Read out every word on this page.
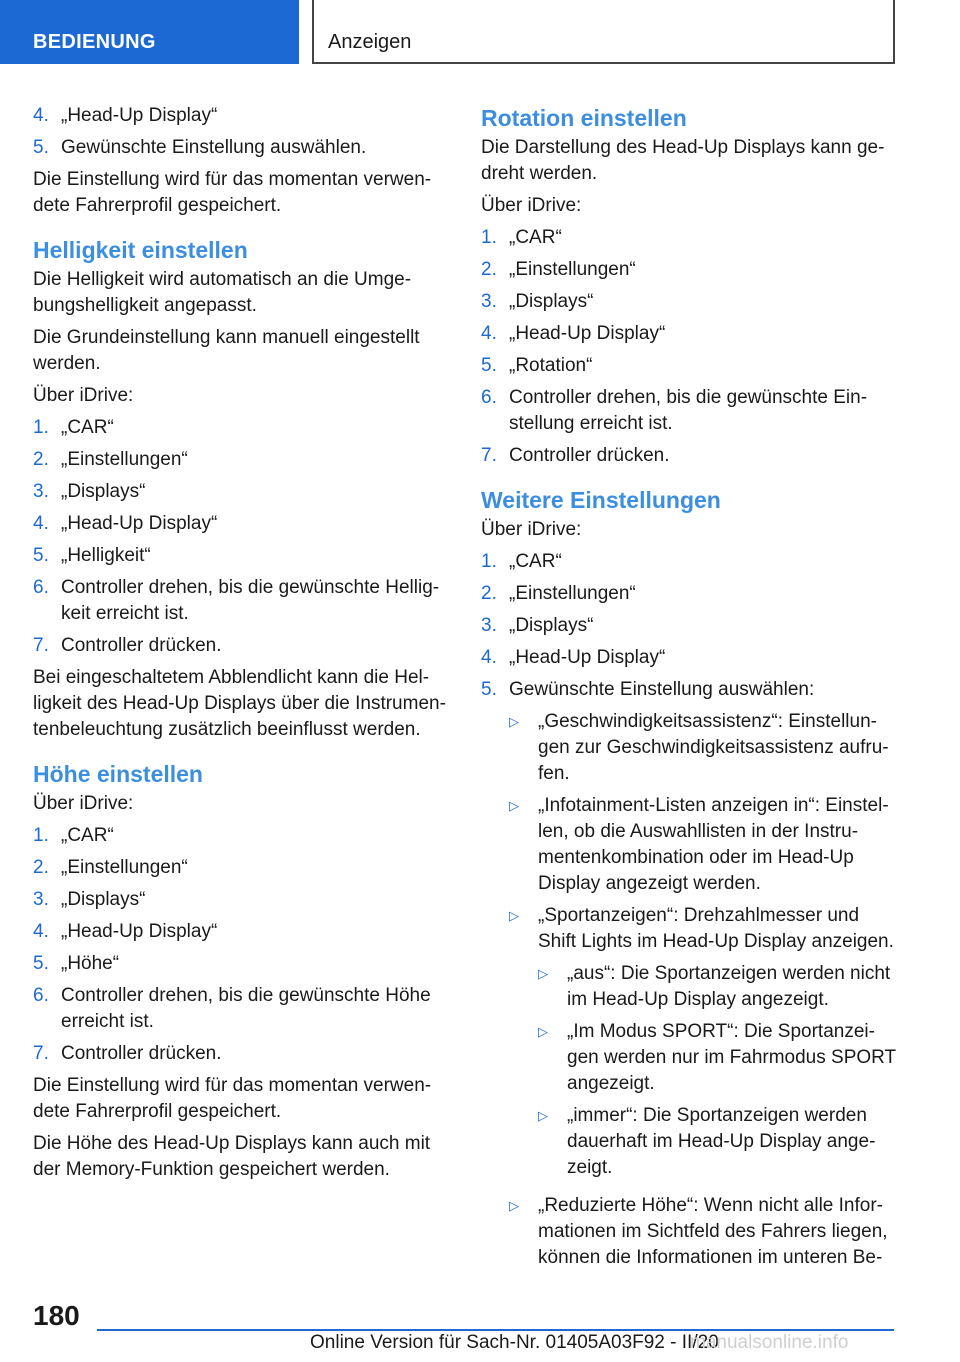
BEDIENUNG	Anzeigen
4. „Head-Up Display“
5. Gewünschte Einstellung auswählen.

Die Einstellung wird für das momentan verwendete Fahrerprofil gespeichert.

Helligkeit einstellen

Die Helligkeit wird automatisch an die Umgebungshelligkeit angepasst.

Die Grundeinstellung kann manuell eingestellt werden.

Über iDrive:

1. „CAR“
2. „Einstellungen“
3. „Displays“
4. „Head-Up Display“
5. „Helligkeit“
6. Controller drehen, bis die gewünschte Helligkeit erreicht ist.
7. Controller drücken.

Bei eingeschaltetem Abblendlicht kann die Helligkeit des Head-Up Displays über die Instrumentenbeleuchtung zusätzlich beeinflusst werden.

Höhe einstellen

Über iDrive:

1. „CAR“
2. „Einstellungen“
3. „Displays“
4. „Head-Up Display“
5. „Höhe“
6. Controller drehen, bis die gewünschte Höhe erreicht ist.
7. Controller drücken.

Die Einstellung wird für das momentan verwendete Fahrerprofil gespeichert.

Die Höhe des Head-Up Displays kann auch mit der Memory-Funktion gespeichert werden.

Rotation einstellen

Die Darstellung des Head-Up Displays kann gedreht werden.

Über iDrive:

1. „CAR“
2. „Einstellungen“
3. „Displays“
4. „Head-Up Display“
5. „Rotation“
6. Controller drehen, bis die gewünschte Einstellung erreicht ist.
7. Controller drücken.
Weitere Einstellungen

Über iDrive:

1. „CAR“
2. „Einstellungen“
3. „Displays“
4. „Head-Up Display“
5. Gewünschte Einstellung auswählen:
▷	„Geschwindigkeitsassistenz“: Einstellungen zur Geschwindigkeitsassistenz aufrufen.
▷	„Infotainment-Listen anzeigen in“: Einstellen, ob die Auswahllisten in der Instrumentenkombination oder im Head-Up Display angezeigt werden.
▷	„Sportanzeigen“: Drehzahlmesser und Shift Lights im Head-Up Display anzeigen.
▷	„aus“: Die Sportanzeigen werden nicht im Head-Up Display angezeigt.
▷	„Im Modus SPORT“: Die Sportanzeigen werden nur im Fahrmodus SPORT angezeigt.
▷	„immer“: Die Sportanzeigen werden dauerhaft im Head-Up Display angezeigt.
▷	„Reduzierte Höhe“: Wenn nicht alle Informationen im Sichtfeld des Fahrers liegen, können die Informationen im unteren Be-
180
Online Version für Sach-Nr. 01405A03F92 - II/20
manualsonline.info
